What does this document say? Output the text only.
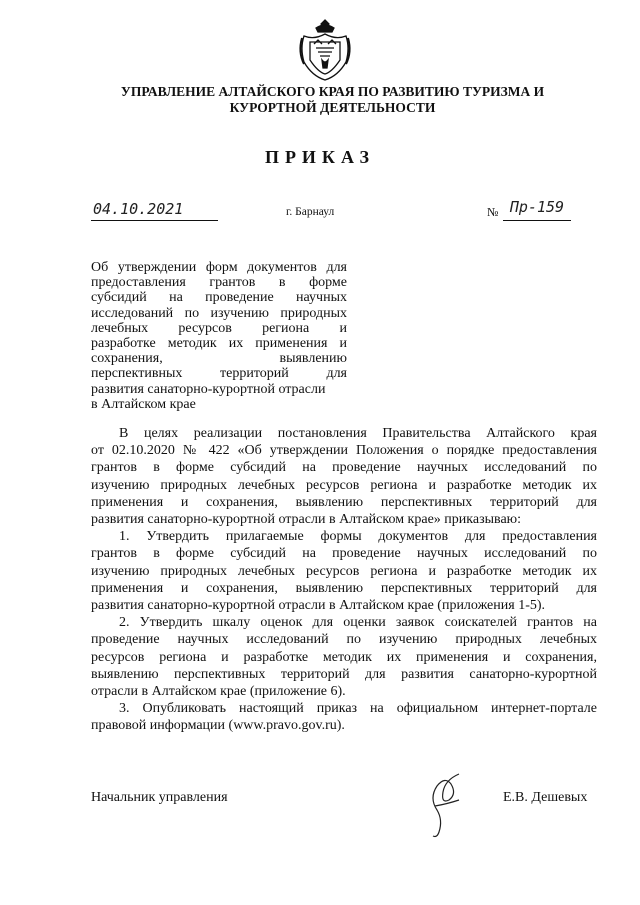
УПРАВЛЕНИЕ АЛТАЙСКОГО КРАЯ ПО РАЗВИТИЮ ТУРИЗМА И
КУРОРТНОЙ ДЕЯТЕЛЬНОСТИ
ПРИКАЗ
04.10.2021	г. Барнаул	№ Пр-159
Об утверждении форм документов для
предоставления грантов в форме
субсидий на проведение научных
исследований по изучению природных
лечебных ресурсов региона и
разработке методик их применения и
сохранения, выявлению
перспективных территорий для
развития санаторно-курортной отрасли
в Алтайском крае
В целях реализации постановления Правительства Алтайского края
от 02.10.2020 № 422 «Об утверждении Положения о порядке предоставления
грантов в форме субсидий на проведение научных исследований по
изучению природных лечебных ресурсов региона и разработке методик их
применения и сохранения, выявлению перспективных территорий для
развития санаторно-курортной отрасли в Алтайском крае» приказываю:
1. Утвердить прилагаемые формы документов для предоставления
грантов в форме субсидий на проведение научных исследований по
изучению природных лечебных ресурсов региона и разработке методик их
применения и сохранения, выявлению перспективных территорий для
развития санаторно-курортной отрасли в Алтайском крае (приложения 1-5).
2. Утвердить шкалу оценок для оценки заявок соискателей грантов на
проведение научных исследований по изучению природных лечебных
ресурсов региона и разработке методик их применения и сохранения,
выявлению перспективных территорий для развития санаторно-курортной
отрасли в Алтайском крае (приложение 6).
3. Опубликовать настоящий приказ на официальном интернет-портале
правовой информации (www.pravo.gov.ru).
Начальник управления	Е.В. Дешевых
